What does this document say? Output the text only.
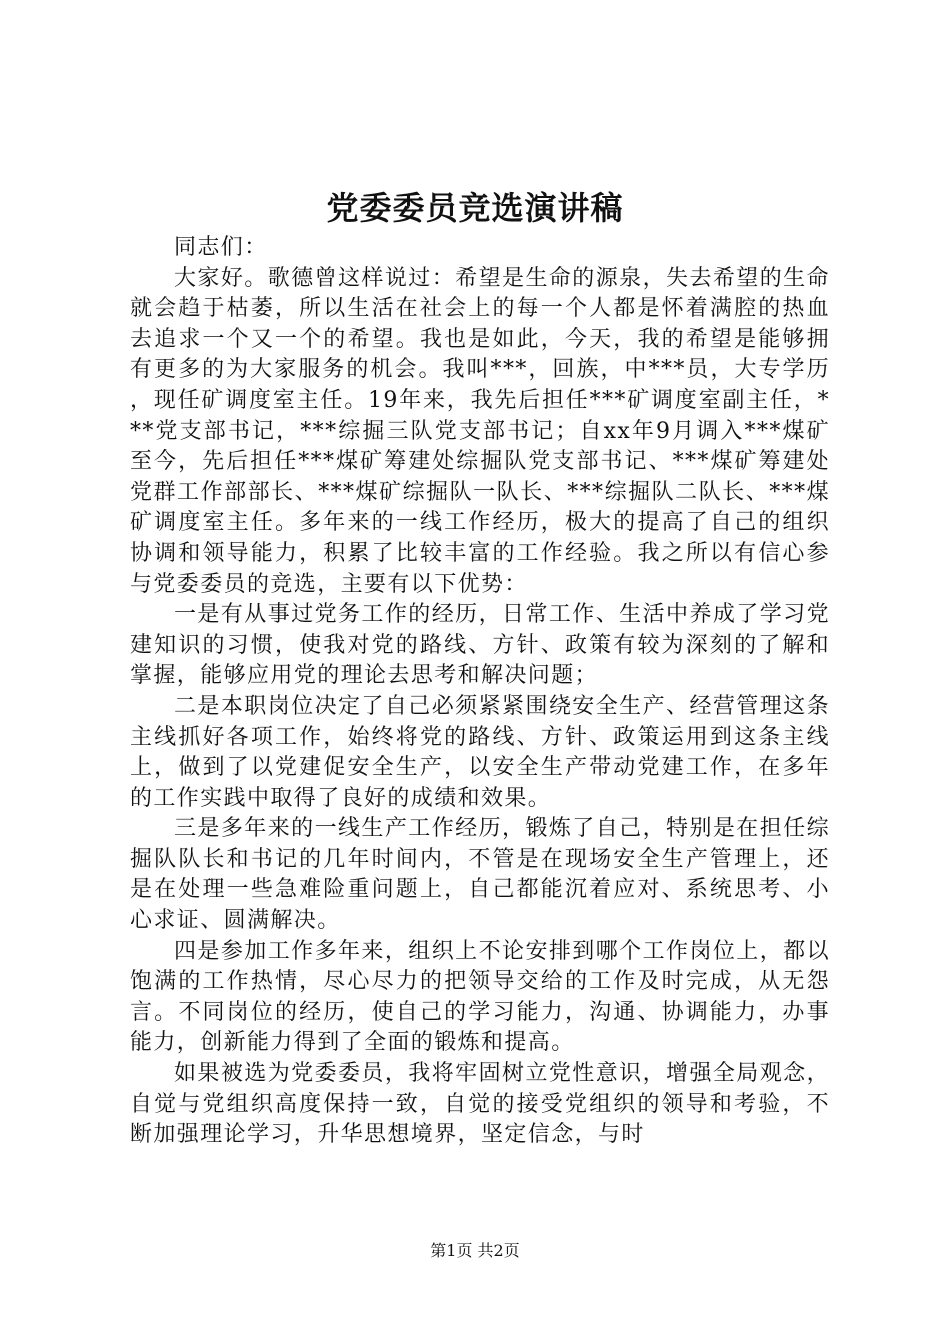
党委委员竞选演讲稿

同志们：

大家好。歌德曾这样说过：希望是生命的源泉，失去希望的生命就会趋于枯萎，所以生活在社会上的每一个人都是怀着满腔的热血去追求一个又一个的希望。我也是如此，今天，我的希望是能够拥有更多的为大家服务的机会。我叫***，回族，中***员，大专学历，现任矿调度室主任。19年来，我先后担任***矿调度室副主任，***党支部书记，***综掘三队党支部书记；自xx年9月调入***煤矿至今，先后担任***煤矿筹建处综掘队党支部书记、***煤矿筹建处党群工作部部长、***煤矿综掘队一队长、***综掘队二队长、***煤矿调度室主任。多年来的一线工作经历，极大的提高了自己的组织协调和领导能力，积累了比较丰富的工作经验。我之所以有信心参与党委委员的竞选，主要有以下优势：

一是有从事过党务工作的经历，日常工作、生活中养成了学习党建知识的习惯，使我对党的路线、方针、政策有较为深刻的了解和掌握，能够应用党的理论去思考和解决问题；

二是本职岗位决定了自己必须紧紧围绕安全生产、经营管理这条主线抓好各项工作，始终将党的路线、方针、政策运用到这条主线上，做到了以党建促安全生产，以安全生产带动党建工作，在多年的工作实践中取得了良好的成绩和效果。

三是多年来的一线生产工作经历，锻炼了自己，特别是在担任综掘队队长和书记的几年时间内，不管是在现场安全生产管理上，还是在处理一些急难险重问题上，自己都能沉着应对、系统思考、小心求证、圆满解决。

四是参加工作多年来，组织上不论安排到哪个工作岗位上，都以饱满的工作热情，尽心尽力的把领导交给的工作及时完成，从无怨言。不同岗位的经历，使自己的学习能力，沟通、协调能力，办事能力，创新能力得到了全面的锻炼和提高。

如果被选为党委委员，我将牢固树立党性意识，增强全局观念，自觉与党组织高度保持一致，自觉的接受党组织的领导和考验，不断加强理论学习，升华思想境界，坚定信念，与时

第1页 共2页
